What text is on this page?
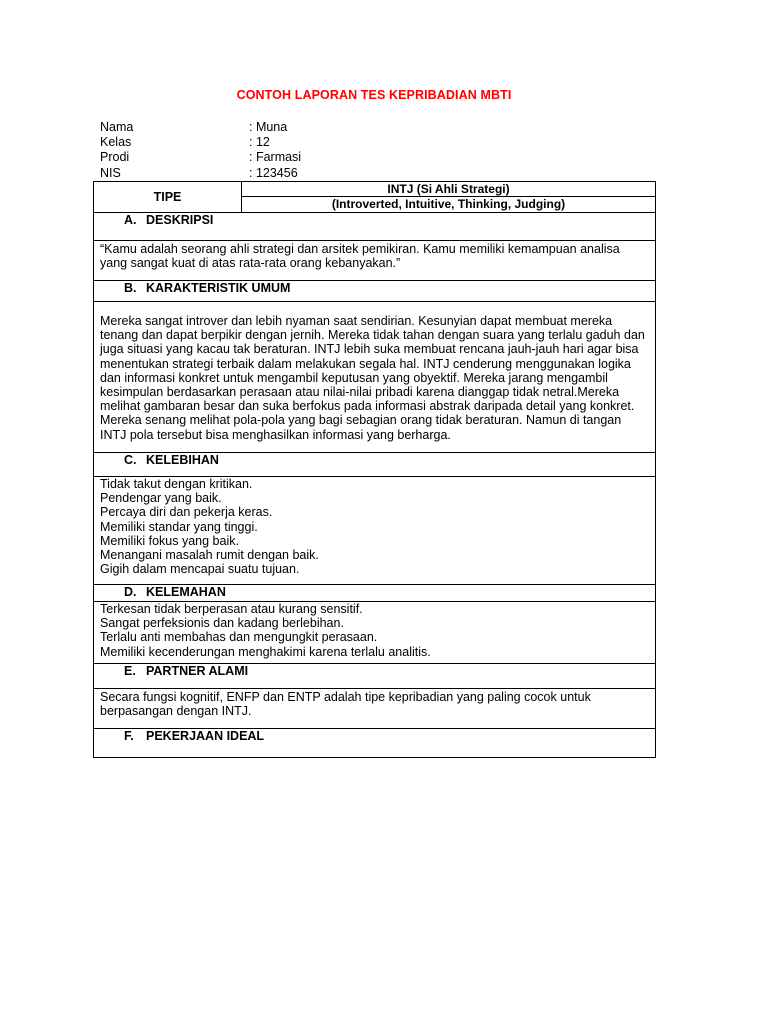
CONTOH LAPORAN TES KEPRIBADIAN MBTI
Nama	: Muna
Kelas	: 12
Prodi	: Farmasi
NIS	: 123456
TIPE	INTJ (Si Ahli Strategi)
(Introverted, Intuitive, Thinking, Judging)
A. DESKRIPSI
“Kamu adalah seorang ahli strategi dan arsitek pemikiran. Kamu memiliki kemampuan analisa yang sangat kuat di atas rata-rata orang kebanyakan.”
B. KARAKTERISTIK UMUM
Mereka sangat introver dan lebih nyaman saat sendirian. Kesunyian dapat membuat mereka tenang dan dapat berpikir dengan jernih. Mereka tidak tahan dengan suara yang terlalu gaduh dan juga situasi yang kacau tak beraturan. INTJ lebih suka membuat rencana jauh-jauh hari agar bisa menentukan strategi terbaik dalam melakukan segala hal. INTJ cenderung menggunakan logika dan informasi konkret untuk mengambil keputusan yang obyektif. Mereka jarang mengambil kesimpulan berdasarkan perasaan atau nilai-nilai pribadi karena dianggap tidak netral.Mereka melihat gambaran besar dan suka berfokus pada informasi abstrak daripada detail yang konkret. Mereka senang melihat pola-pola yang bagi sebagian orang tidak beraturan. Namun di tangan INTJ pola tersebut bisa menghasilkan informasi yang berharga.
C. KELEBIHAN

Tidak takut dengan kritikan.
Pendengar yang baik.
Percaya diri dan pekerja keras.
Memiliki standar yang tinggi.
Memiliki fokus yang baik.
Menangani masalah rumit dengan baik.
Gigih dalam mencapai suatu tujuan.

D. KELEMAHAN

Terkesan tidak berperasan atau kurang sensitif.
Sangat perfeksionis dan kadang berlebihan.
Terlalu anti membahas dan mengungkit perasaan.
Memiliki kecenderungan menghakimi karena terlalu analitis.

E. PARTNER ALAMI
Secara fungsi kognitif, ENFP dan ENTP adalah tipe kepribadian yang paling cocok untuk berpasangan dengan INTJ.
F. PEKERJAAN IDEAL
